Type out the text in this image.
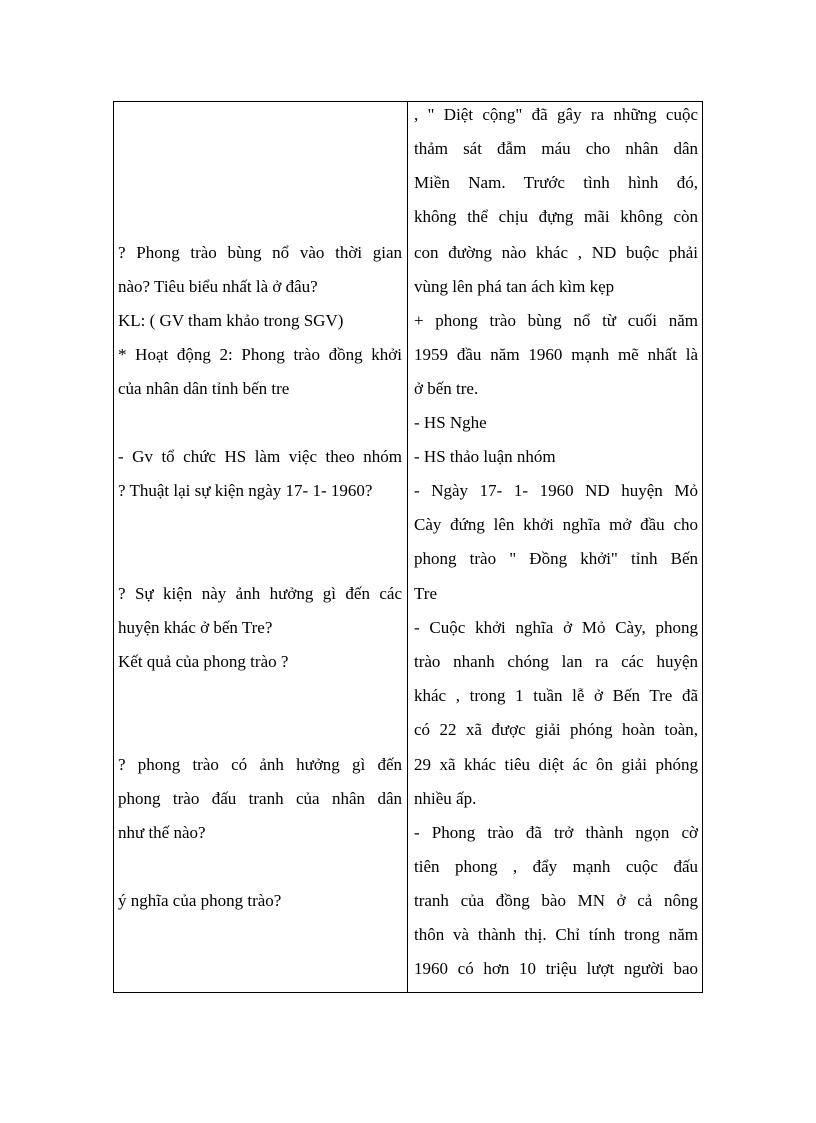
? Phong trào bùng nổ vào thời gian
nào? Tiêu biểu nhất là ở đâu?
KL: ( GV tham khảo trong SGV)
* Hoạt động 2: Phong trào đồng khởi
của nhân dân tỉnh bến tre
- Gv tổ chức HS làm việc theo nhóm
? Thuật lại sự kiện ngày 17- 1- 1960?
? Sự kiện này ảnh hưởng gì đến các
huyện khác ở bến Tre?
Kết quả của phong trào ?
? phong trào có ảnh hưởng gì đến
phong trào đấu tranh của nhân dân
như thế nào?
ý nghĩa của phong trào?
, " Diệt cộng" đã gây ra những cuộc
thảm sát đẫm máu cho nhân dân
Miền Nam. Trước tình hình đó,
không thể chịu đựng mãi không còn
con đường nào khác , ND buộc phải
vùng lên phá tan ách kìm kẹp
+ phong trào bùng nổ từ cuối năm
1959 đầu năm 1960 mạnh mẽ nhất là
ở bến tre.
- HS Nghe
- HS thảo luận nhóm
- Ngày 17- 1- 1960 ND huyện Mỏ
Cày đứng lên khởi nghĩa mở đầu cho
phong trào " Đồng khởi" tỉnh Bến
Tre
- Cuộc khởi nghĩa ở Mỏ Cày, phong
trào nhanh chóng lan ra các huyện
khác , trong 1 tuần lễ ở Bến Tre đã
có 22 xã được giải phóng hoàn toàn,
29 xã khác tiêu diệt ác ôn giải phóng
nhiều ấp.
- Phong trào đã trở thành ngọn cờ
tiên phong , đẩy mạnh cuộc đấu
tranh của đồng bào MN ở cả nông
thôn và thành thị. Chỉ tính trong năm
1960 có hơn 10 triệu lượt người bao
